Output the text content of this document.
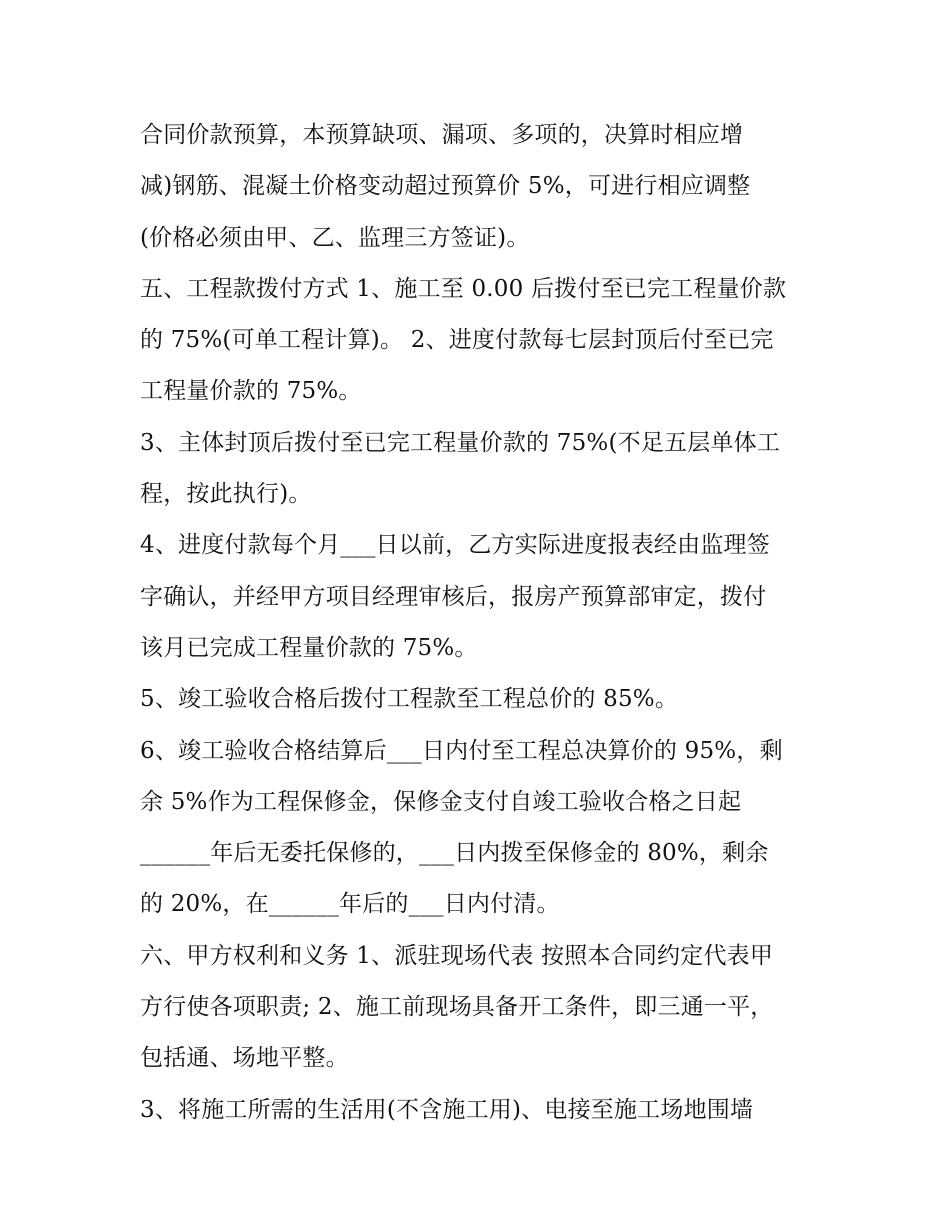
合同价款预算，本预算缺项、漏项、多项的，决算时相应增
减)钢筋、混凝土价格变动超过预算价 5%，可进行相应调整
(价格必须由甲、乙、监理三方签证)。
五、工程款拨付方式 1、施工至 0.00 后拨付至已完工程量价款
的 75%(可单工程计算)。 2、进度付款每七层封顶后付至已完
工程量价款的 75%。
3、主体封顶后拨付至已完工程量价款的 75%(不足五层单体工
程，按此执行)。
4、进度付款每个月___日以前，乙方实际进度报表经由监理签
字确认，并经甲方项目经理审核后，报房产预算部审定，拨付
该月已完成工程量价款的 75%。
5、竣工验收合格后拨付工程款至工程总价的 85%。
6、竣工验收合格结算后___日内付至工程总决算价的 95%，剩
余 5%作为工程保修金，保修金支付自竣工验收合格之日起
______年后无委托保修的，___日内拨至保修金的 80%，剩余
的 20%，在______年后的___日内付清。
六、甲方权利和义务 1、派驻现场代表 按照本合同约定代表甲
方行使各项职责; 2、施工前现场具备开工条件，即三通一平，
包括通、场地平整。
3、将施工所需的生活用(不含施工用)、电接至施工场地围墙
